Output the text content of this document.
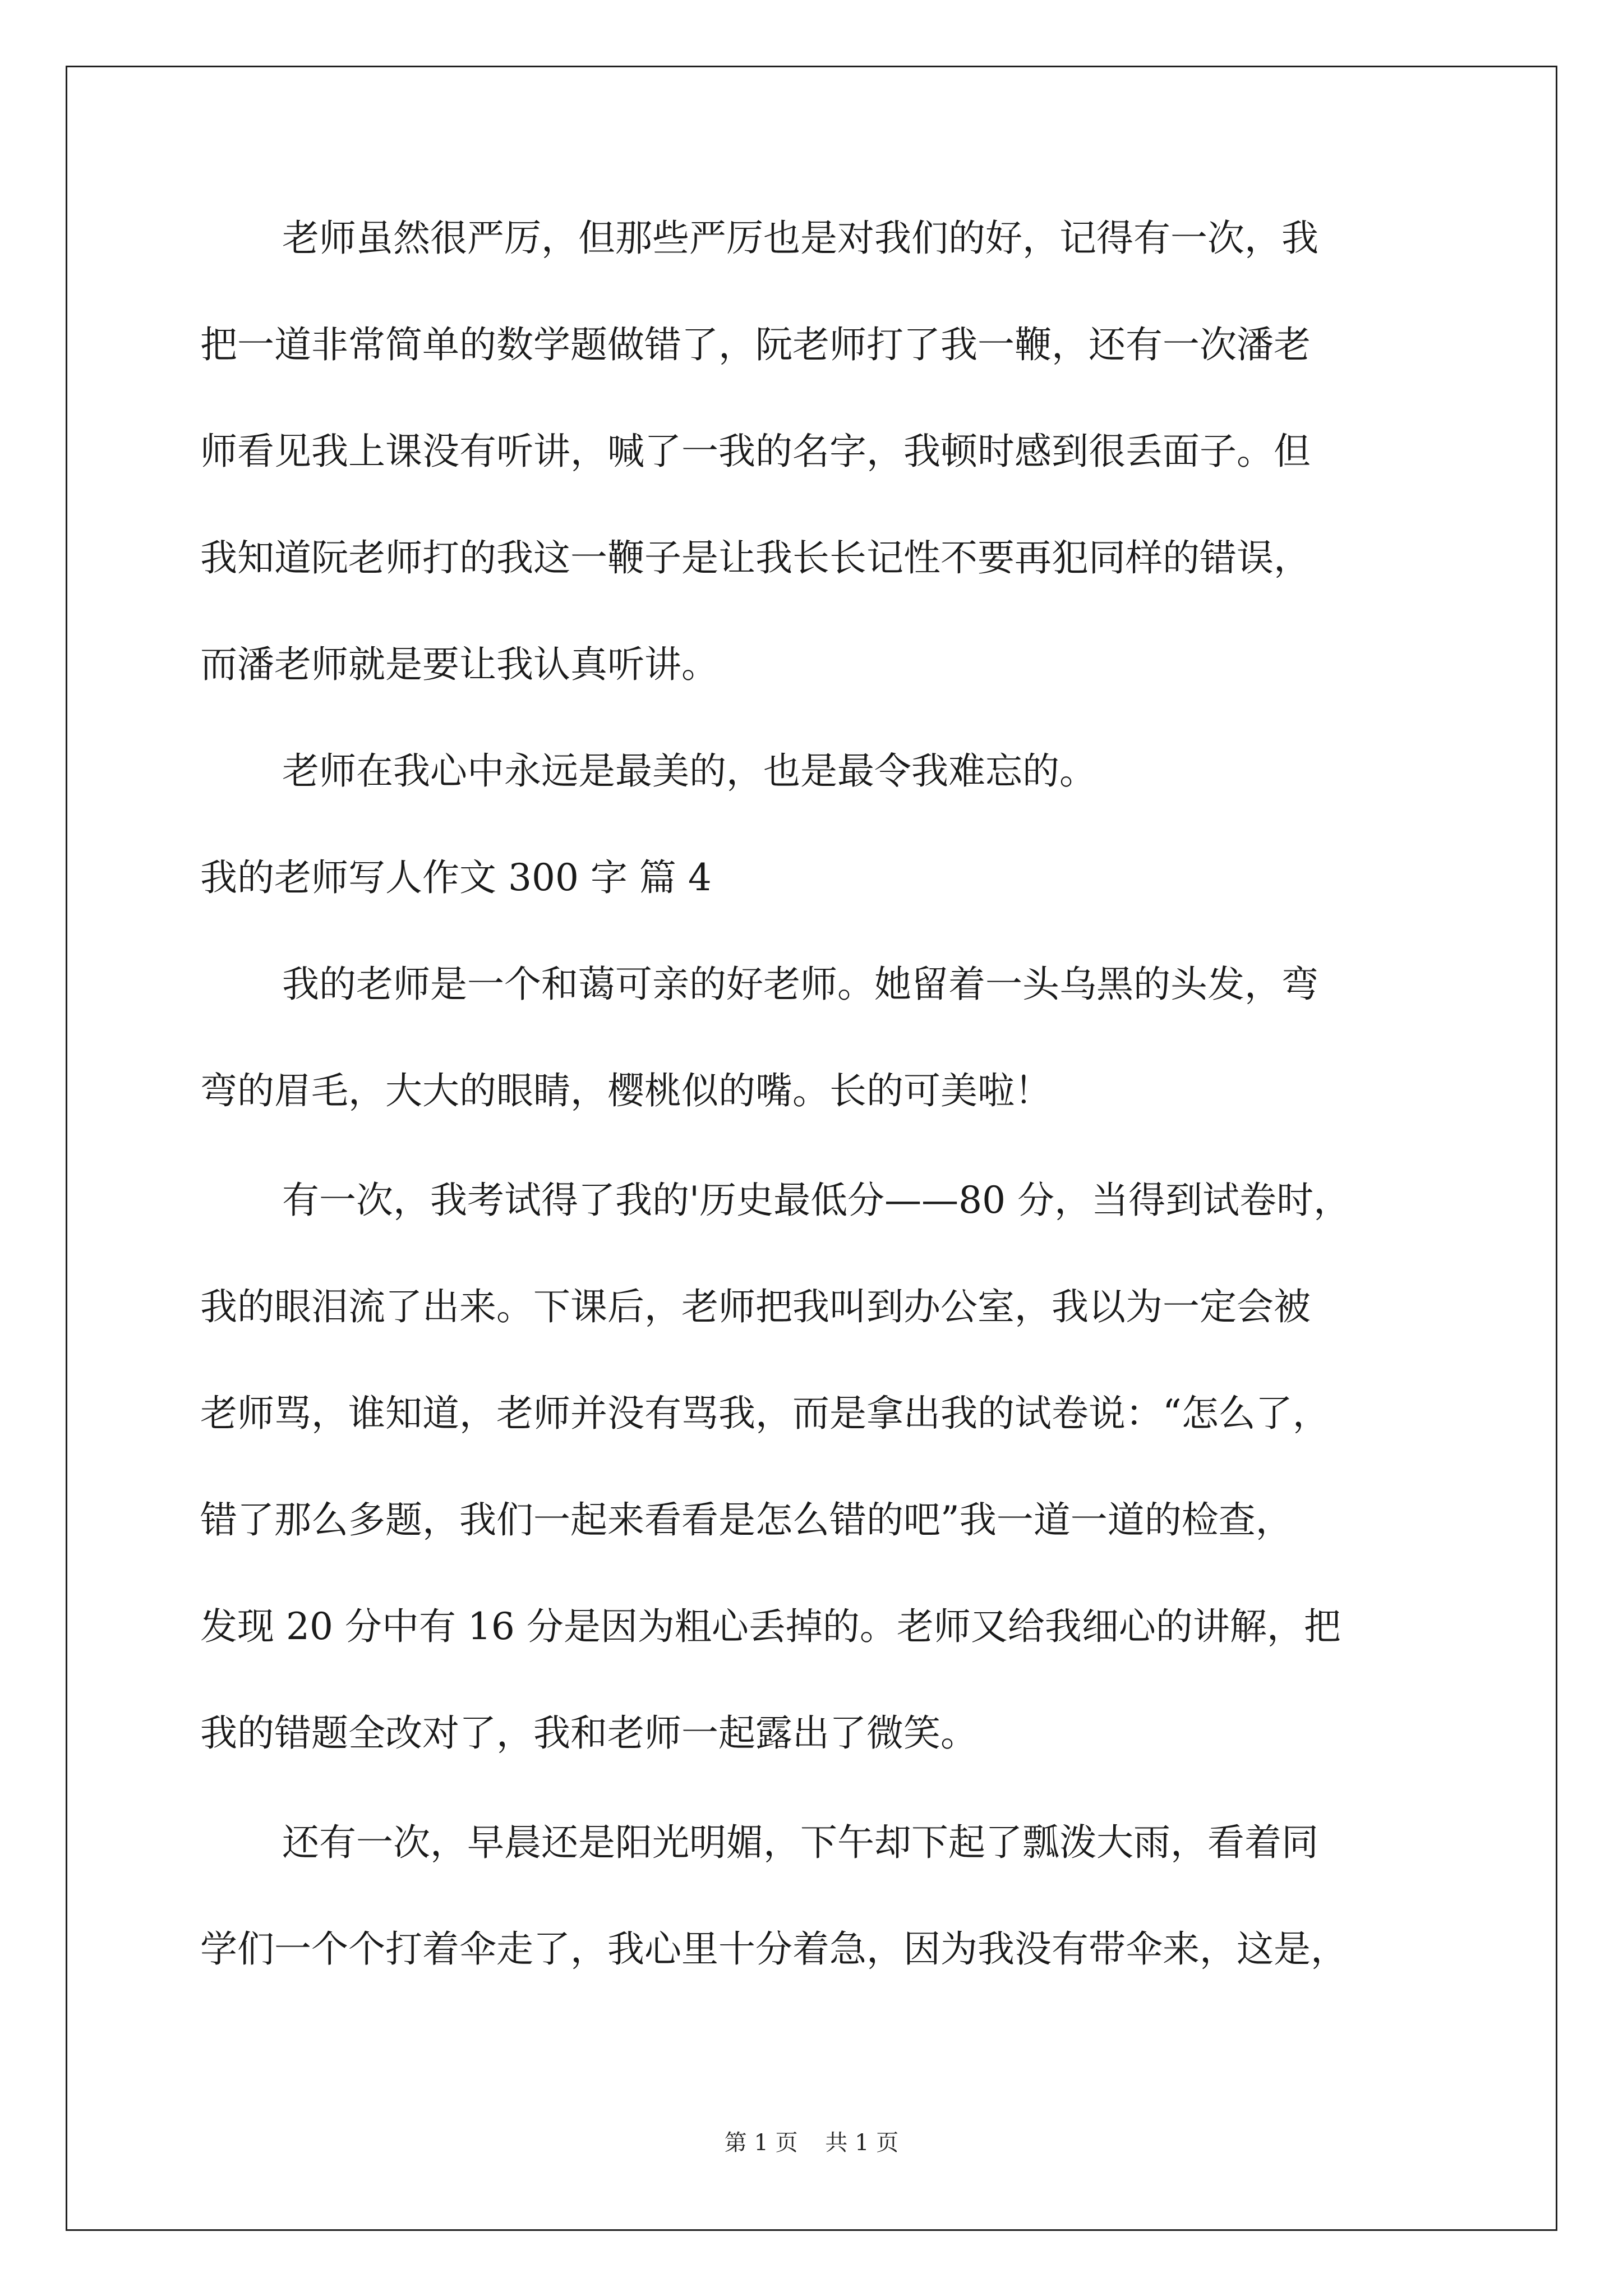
老师虽然很严厉，但那些严厉也是对我们的好，记得有一次，我
把一道非常简单的数学题做错了，阮老师打了我一鞭，还有一次潘老
师看见我上课没有听讲，喊了一我的名字，我顿时感到很丢面子。但
我知道阮老师打的我这一鞭子是让我长长记性不要再犯同样的错误，
而潘老师就是要让我认真听讲。
老师在我心中永远是最美的，也是最令我难忘的。
我的老师写人作文 300 字 篇 4
我的老师是一个和蔼可亲的好老师。她留着一头乌黑的头发，弯
弯的眉毛，大大的眼睛，樱桃似的嘴。长的可美啦！
有一次，我考试得了我的'历史最低分——80 分，当得到试卷时，
我的眼泪流了出来。下课后，老师把我叫到办公室，我以为一定会被
老师骂，谁知道，老师并没有骂我，而是拿出我的试卷说：“怎么了，
错了那么多题，我们一起来看看是怎么错的吧”我一道一道的检查，
发现 20 分中有 16 分是因为粗心丢掉的。老师又给我细心的讲解，把
我的错题全改对了，我和老师一起露出了微笑。
还有一次，早晨还是阳光明媚，下午却下起了瓢泼大雨，看着同
学们一个个打着伞走了，我心里十分着急，因为我没有带伞来，这是，
第 1 页 共 1 页
